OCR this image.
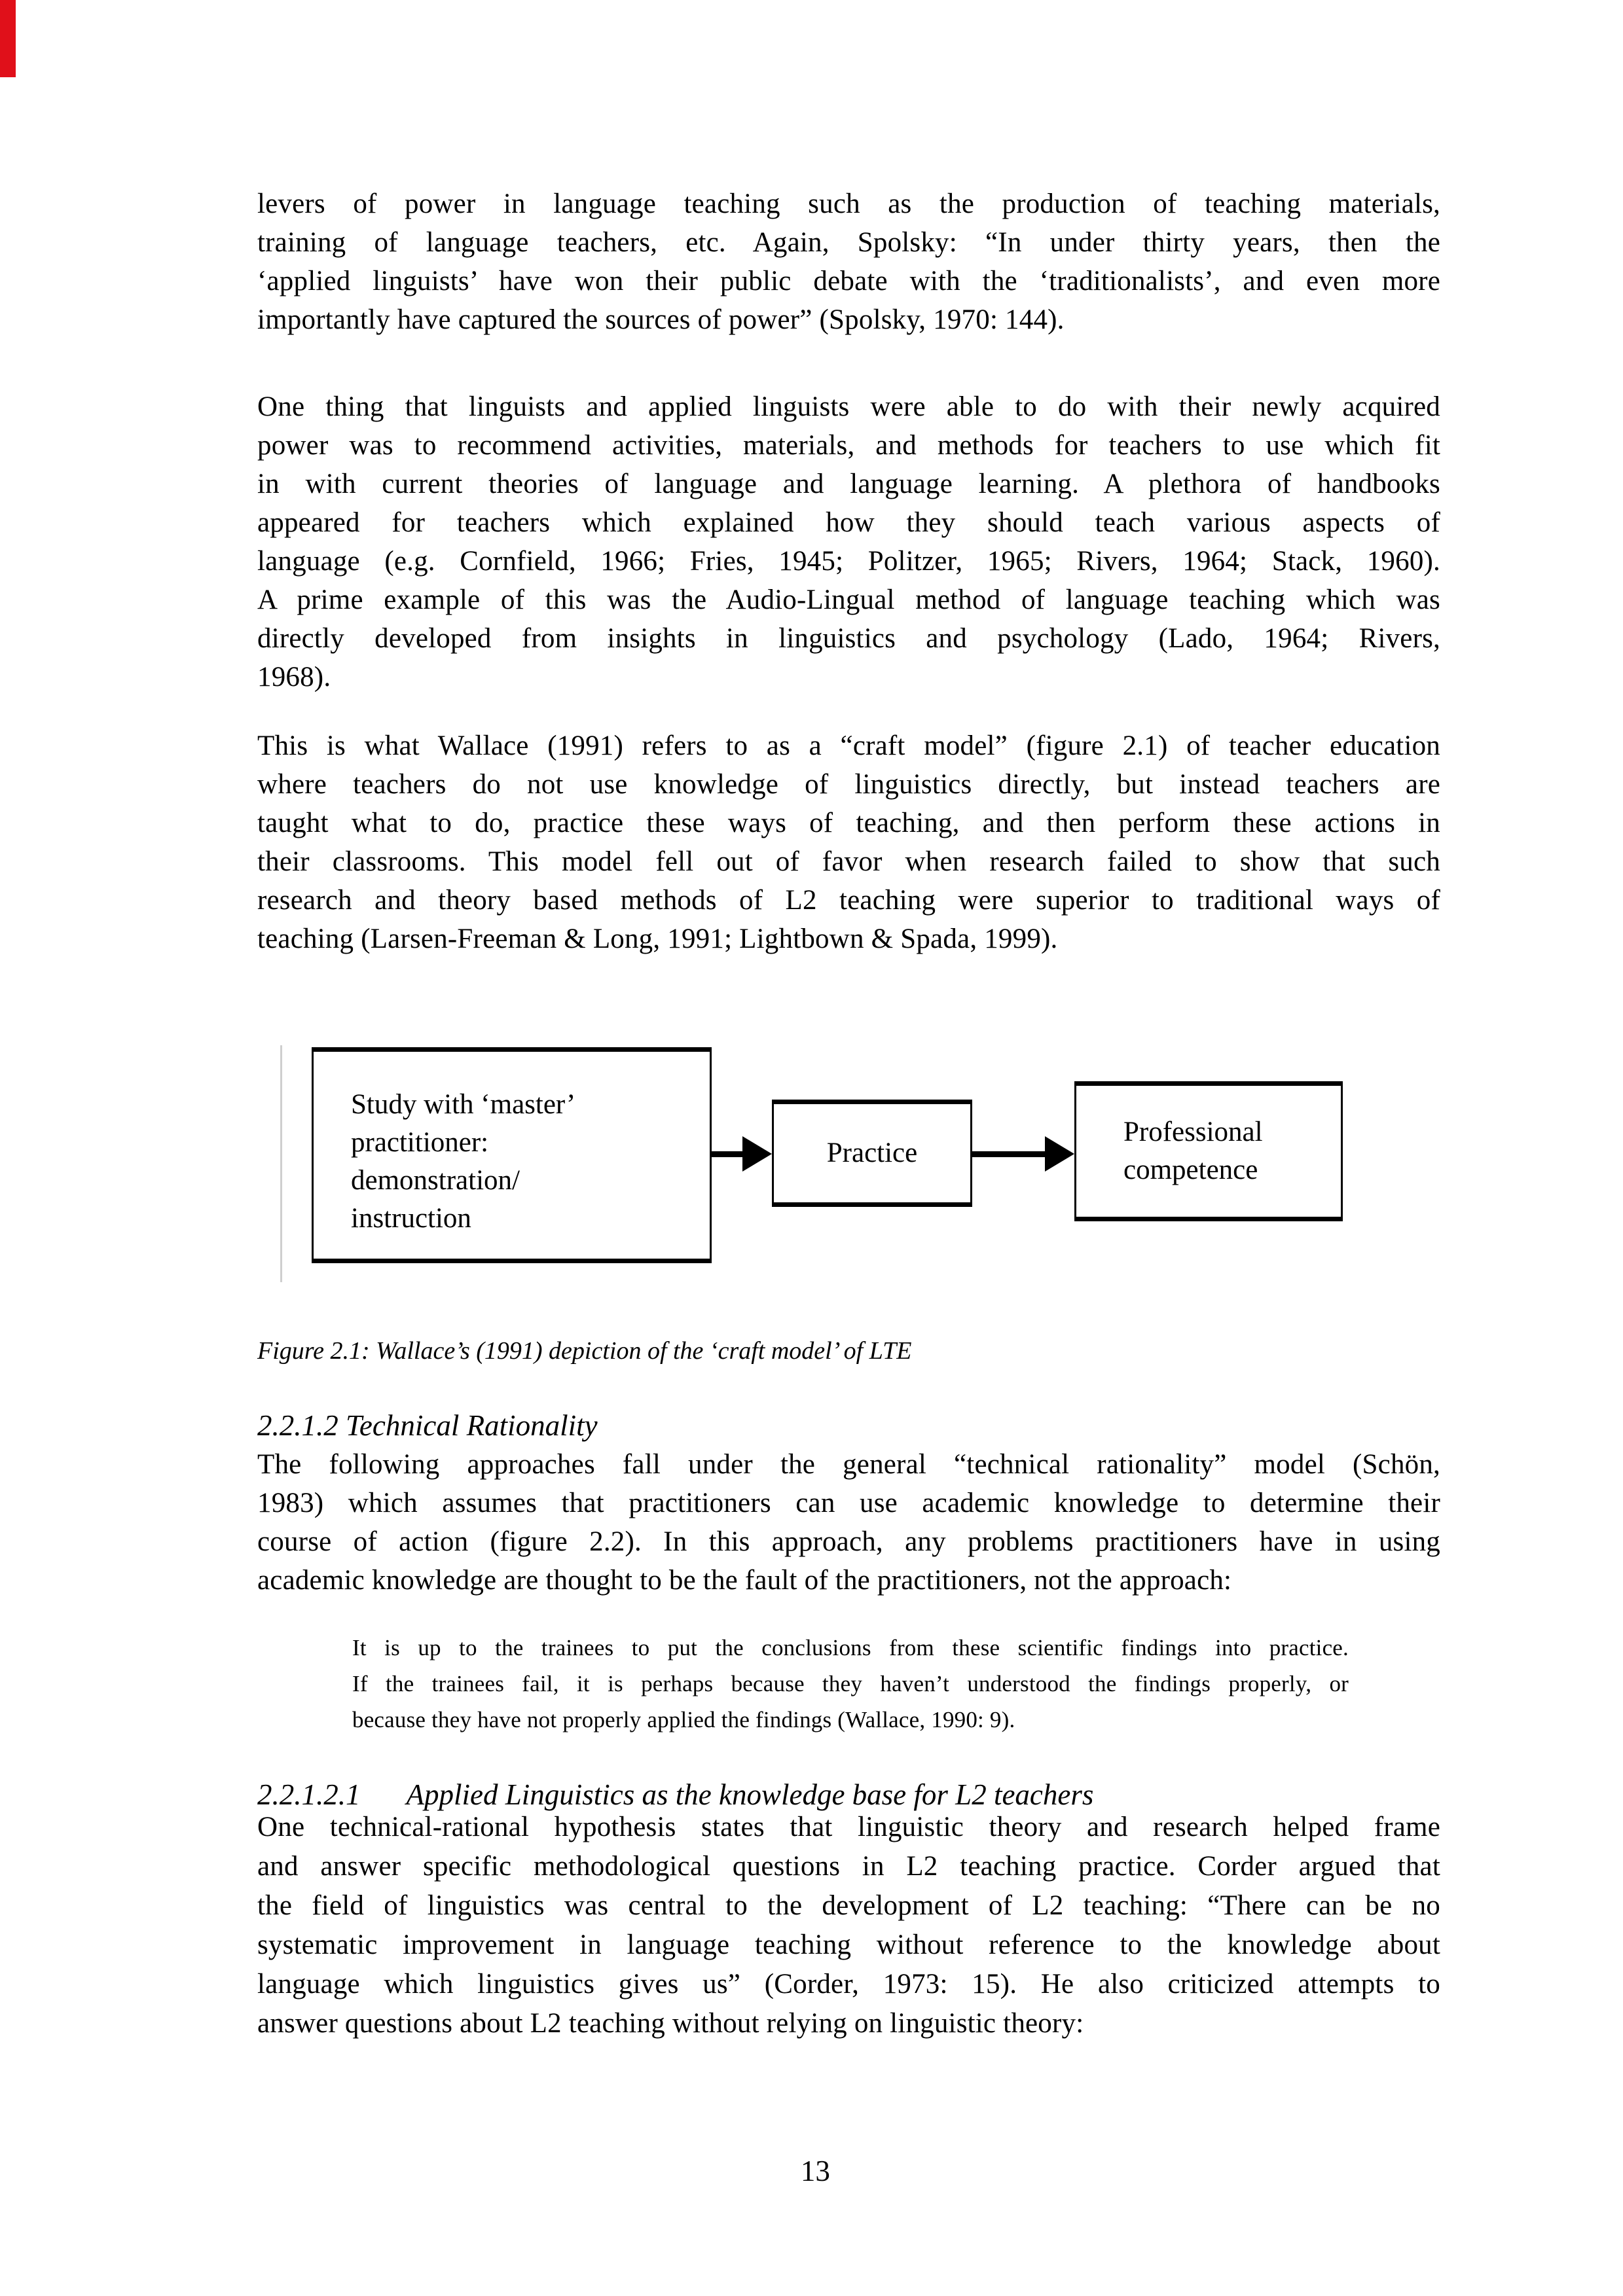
levers of power in language teaching such as the production of teaching materials,
training of language teachers, etc. Again, Spolsky: “In under thirty years, then the
‘applied linguists’ have won their public debate with the ‘traditionalists’, and even more
importantly have captured the sources of power” (Spolsky, 1970: 144).
One thing that linguists and applied linguists were able to do with their newly acquired
power was to recommend activities, materials, and methods for teachers to use which fit
in with current theories of language and language learning. A plethora of handbooks
appeared for teachers which explained how they should teach various aspects of
language (e.g. Cornfield, 1966; Fries, 1945; Politzer, 1965; Rivers, 1964; Stack, 1960).
A prime example of this was the Audio-Lingual method of language teaching which was
directly developed from insights in linguistics and psychology (Lado, 1964; Rivers,
1968).
This is what Wallace (1991) refers to as a “craft model” (figure 2.1) of teacher education
where teachers do not use knowledge of linguistics directly, but instead teachers are
taught what to do, practice these ways of teaching, and then perform these actions in
their classrooms. This model fell out of favor when research failed to show that such
research and theory based methods of L2 teaching were superior to traditional ways of
teaching (Larsen-Freeman & Long, 1991; Lightbown & Spada, 1999).
Study with ‘master’
practitioner:
demonstration/
instruction
Practice
Professional
competence
Figure 2.1: Wallace’s (1991) depiction of the ‘craft model’ of LTE
2.2.1.2 Technical Rationality
The following approaches fall under the general “technical rationality” model (Schön,
1983) which assumes that practitioners can use academic knowledge to determine their
course of action (figure 2.2). In this approach, any problems practitioners have in using
academic knowledge are thought to be the fault of the practitioners, not the approach:
It is up to the trainees to put the conclusions from these scientific findings into practice.
If the trainees fail, it is perhaps because they haven’t understood the findings properly, or
because they have not properly applied the findings (Wallace, 1990: 9).
2.2.1.2.1 Applied Linguistics as the knowledge base for L2 teachers
One technical-rational hypothesis states that linguistic theory and research helped frame
and answer specific methodological questions in L2 teaching practice. Corder argued that
the field of linguistics was central to the development of L2 teaching: “There can be no
systematic improvement in language teaching without reference to the knowledge about
language which linguistics gives us” (Corder, 1973: 15). He also criticized attempts to
answer questions about L2 teaching without relying on linguistic theory:
13
